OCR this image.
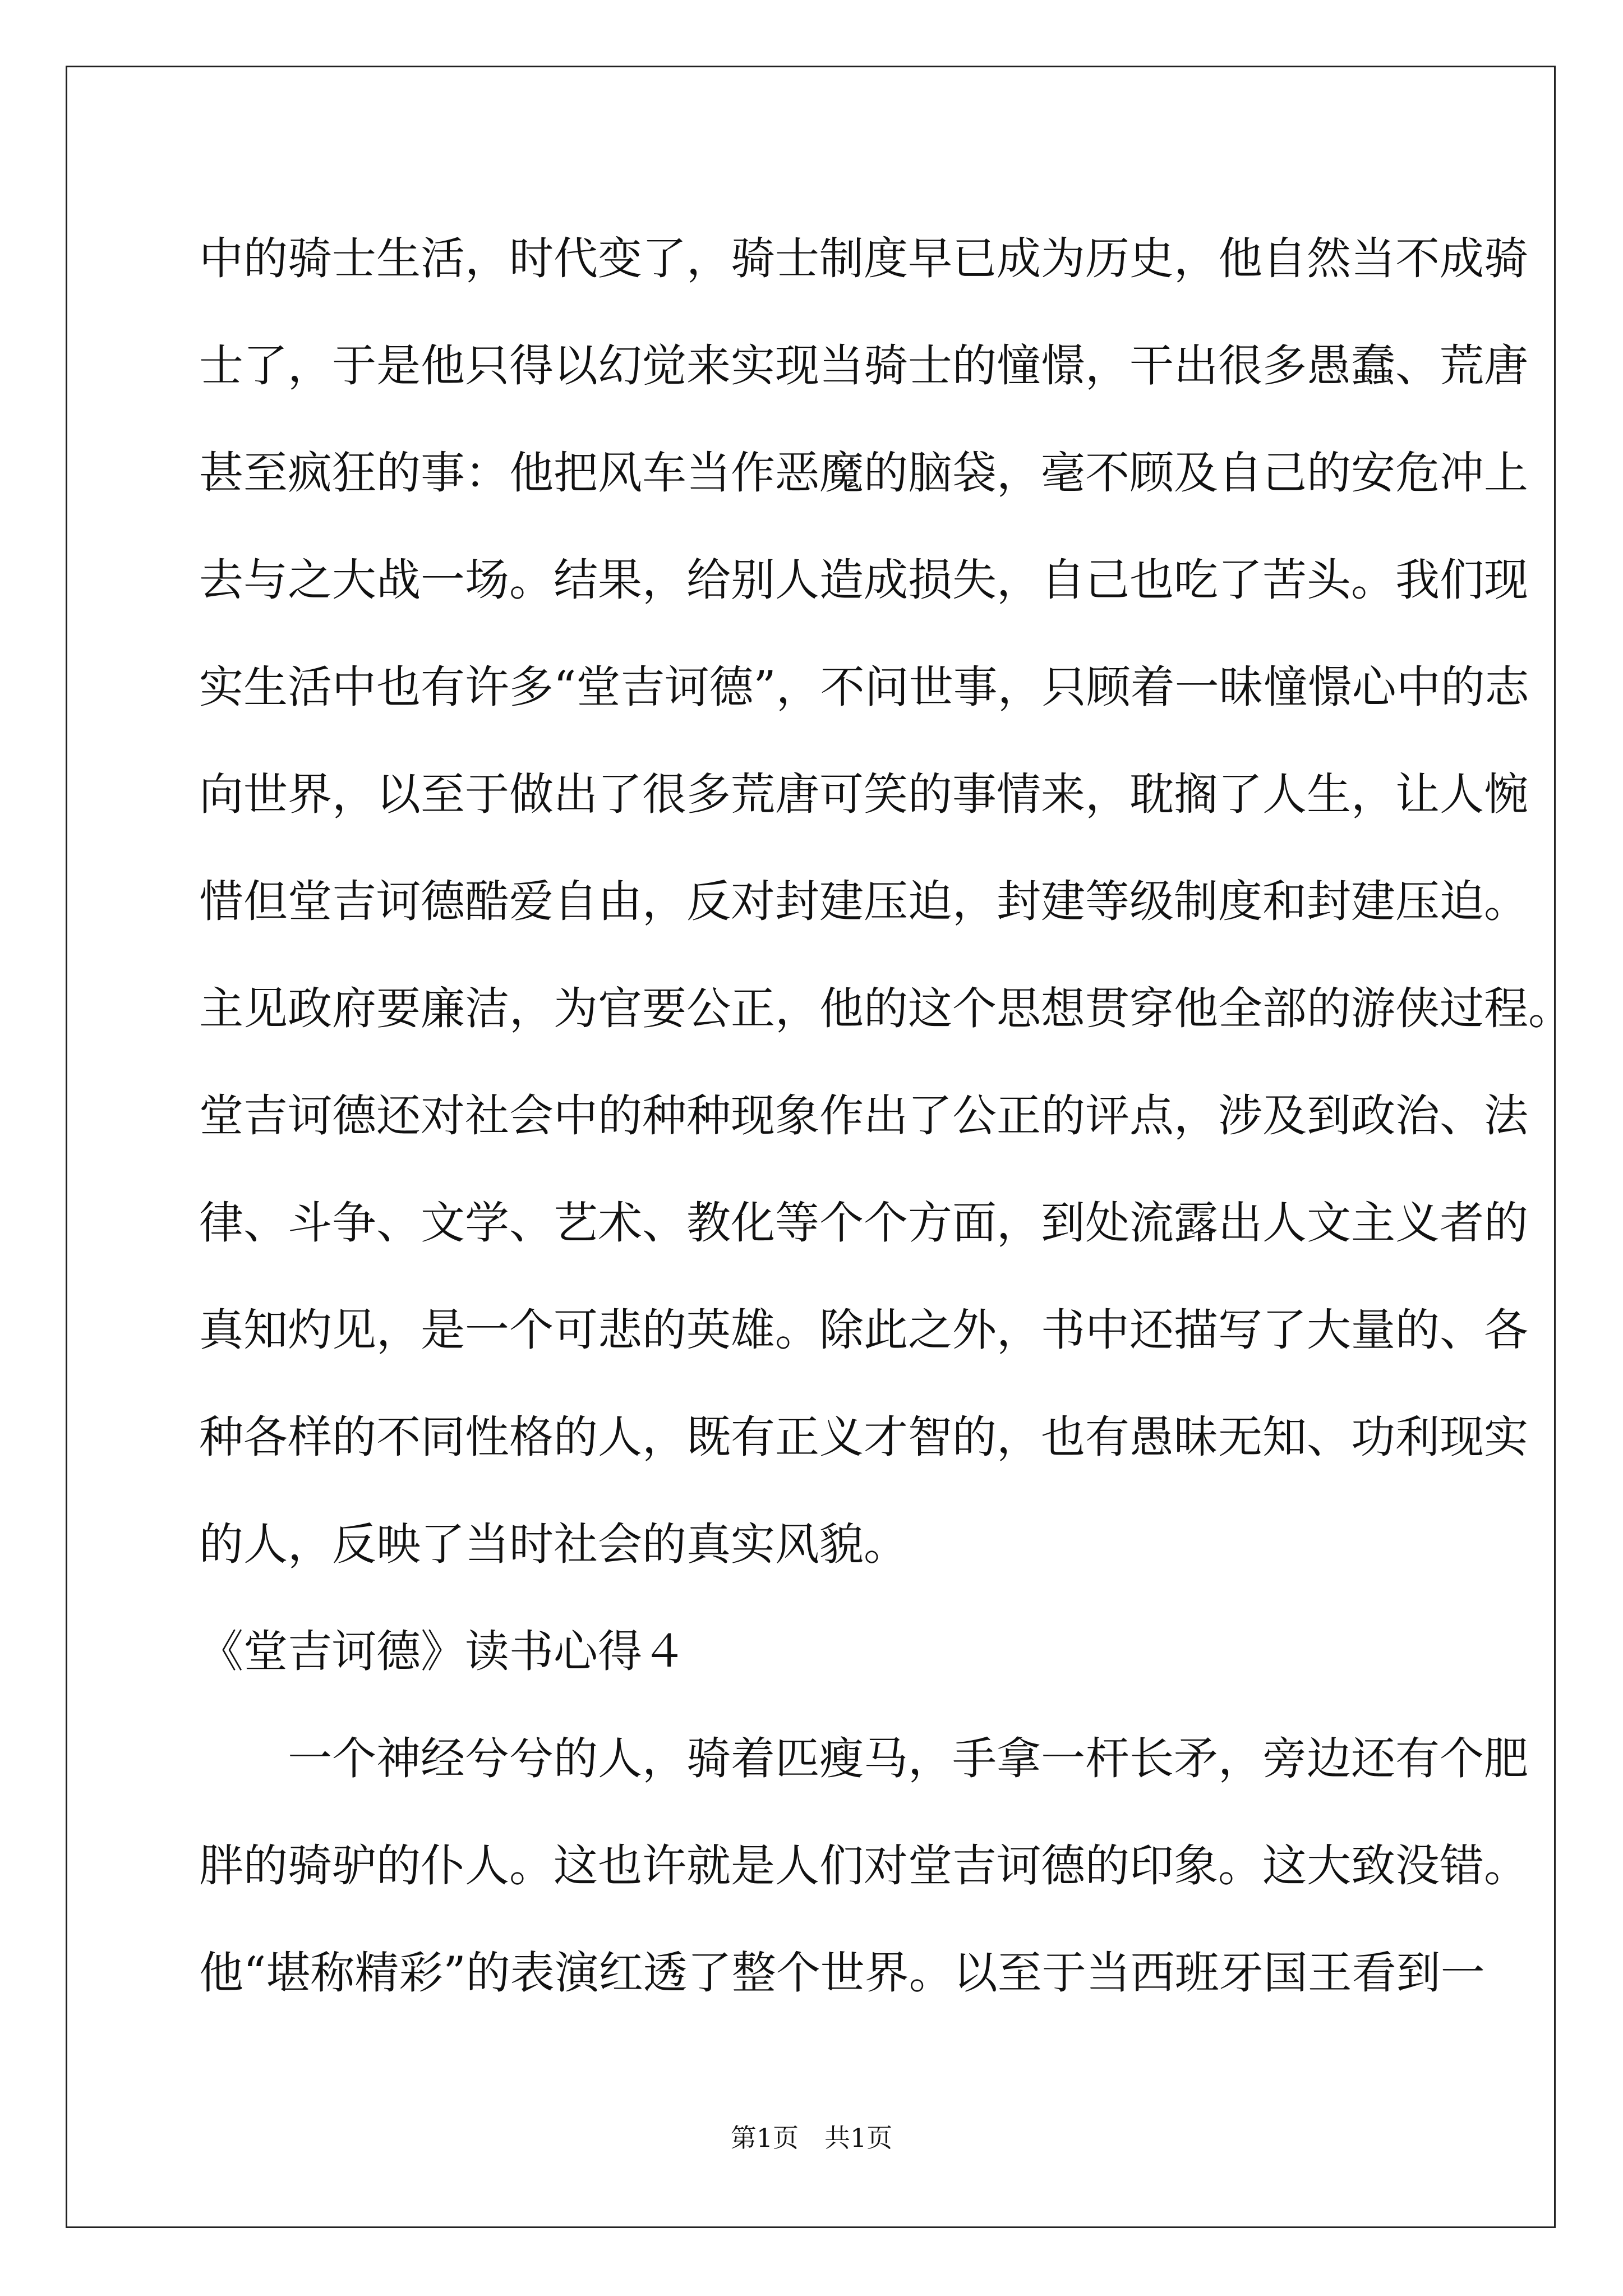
中的骑士生活，时代变了，骑士制度早已成为历史，他自然当不成骑
士了，于是他只得以幻觉来实现当骑士的憧憬，干出很多愚蠢、荒唐
甚至疯狂的事：他把风车当作恶魔的脑袋，毫不顾及自己的安危冲上
去与之大战一场。结果，给别人造成损失，自己也吃了苦头。我们现
实生活中也有许多“堂吉诃德”，不问世事，只顾着一昧憧憬心中的志
向世界，以至于做出了很多荒唐可笑的事情来，耽搁了人生，让人惋
惜但堂吉诃德酷爱自由，反对封建压迫，封建等级制度和封建压迫。
主见政府要廉洁，为官要公正，他的这个思想贯穿他全部的游侠过程。
堂吉诃德还对社会中的种种现象作出了公正的评点，涉及到政治、法
律、斗争、文学、艺术、教化等个个方面，到处流露出人文主义者的
真知灼见，是一个可悲的英雄。除此之外，书中还描写了大量的、各
种各样的不同性格的人，既有正义才智的，也有愚昧无知、功利现实
的人，反映了当时社会的真实风貌。
《堂吉诃德》读书心得４
一个神经兮兮的人，骑着匹瘦马，手拿一杆长矛，旁边还有个肥
胖的骑驴的仆人。这也许就是人们对堂吉诃德的印象。这大致没错。
他“堪称精彩”的表演红透了整个世界。以至于当西班牙国王看到一
第1页　共1页
